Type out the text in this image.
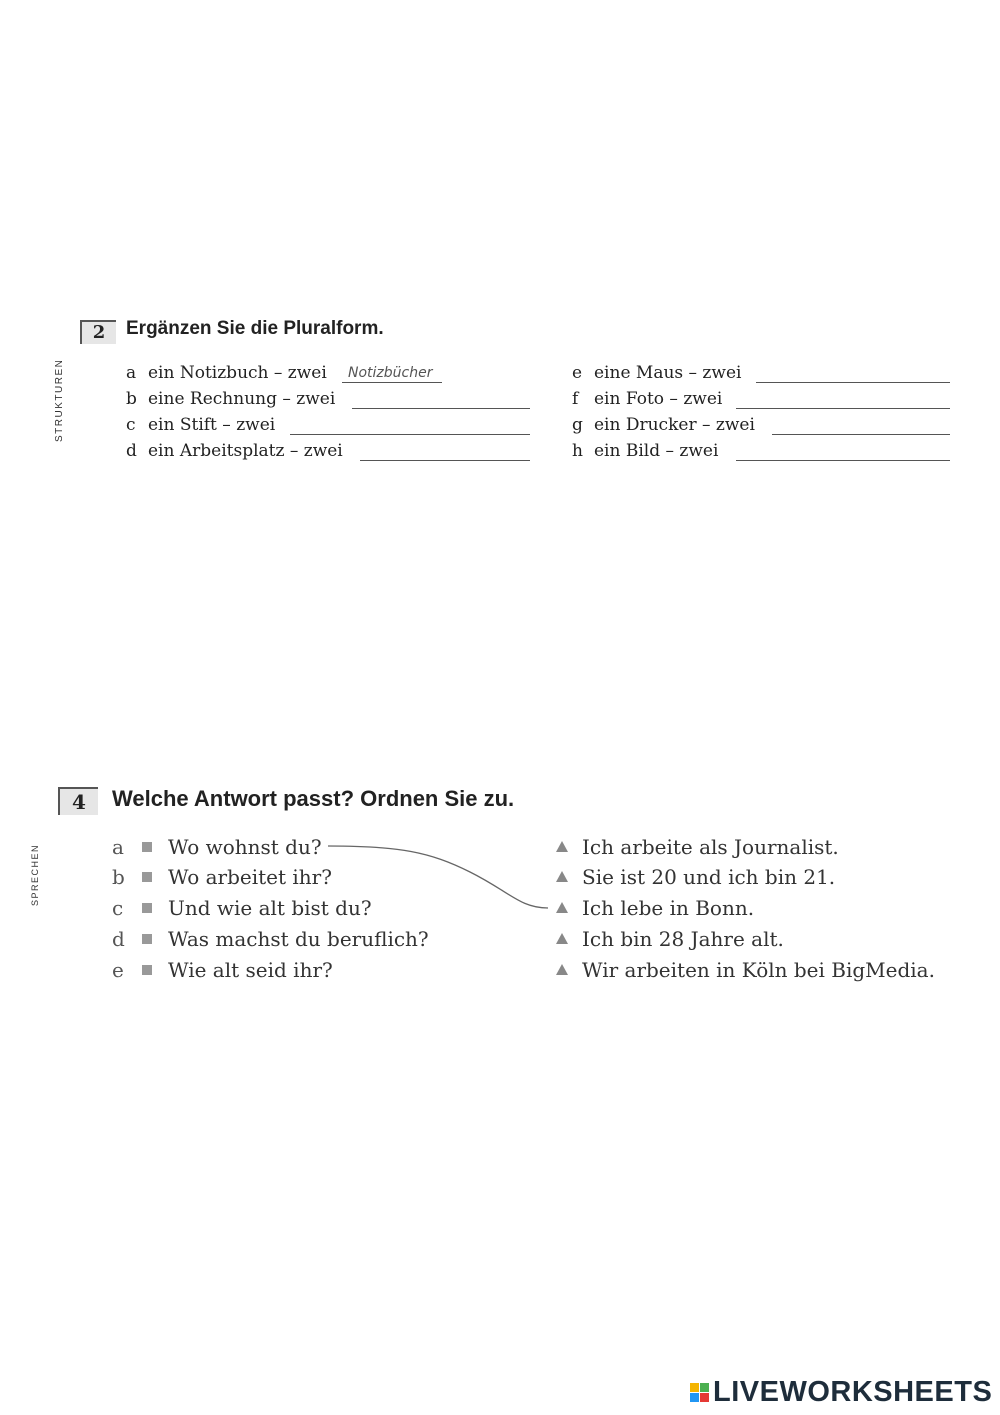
2	Ergänzen Sie die Pluralform.
STRUKTUREN	a ein Notizbuch – zwei Notizbücher
b eine Rechnung – zwei
c ein Stift – zwei
d ein Arbeitsplatz – zwei
e eine Maus – zwei
f ein Foto – zwei
g ein Drucker – zwei
h ein Bild – zwei
4	Welche Antwort passt? Ordnen Sie zu.
SPRECHEN	a Wo wohnst du?
b Wo arbeitet ihr?
c Und wie alt bist du?
d Was machst du beruflich?
e Wie alt seid ihr?
Ich arbeite als Journalist.
Sie ist 20 und ich bin 21.
Ich lebe in Bonn.
Ich bin 28 Jahre alt.
Wir arbeiten in Köln bei BigMedia.
LIVEWORKSHEETS
